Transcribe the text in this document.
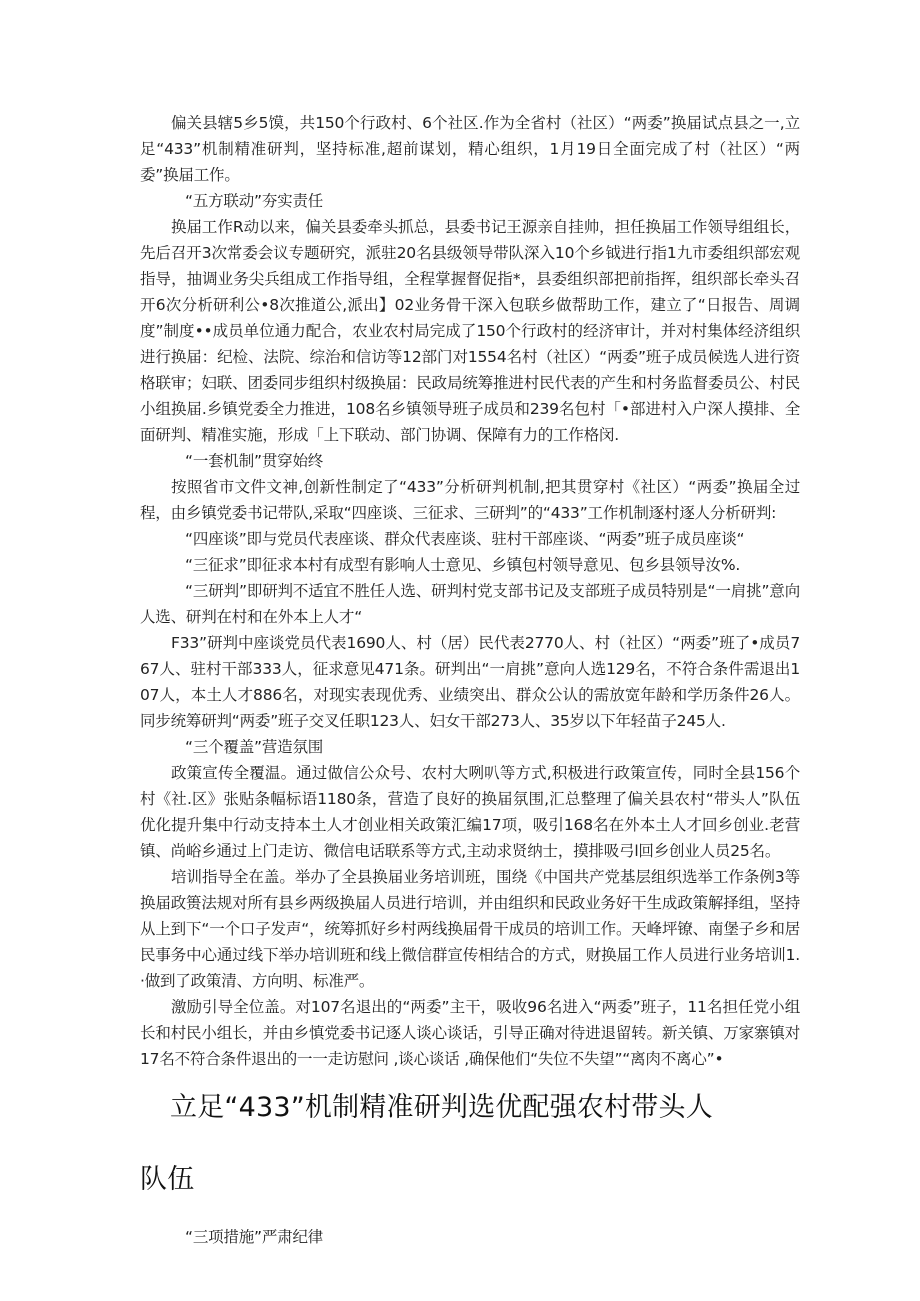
偏关县辖5乡5馍，共150个行政村、6个社区.作为全省村（社区）“两委”换届试点县之一,立足“433”机制精准研判，坚持标准,超前谋划，精心组织，1月19日全面完成了村（社区）“两委”换届工作。

“五方联动”夯实责任

换届工作R动以来，偏关县委牵头抓总，县委书记王源亲自挂帅，担任换届工作领导组组长，先后召开3次常委会议专题研究，派驻20名县级领导带队深入10个乡钺进行指1九市委组织部宏观指导，抽调业务尖兵组成工作指导组，全程掌握督促指*，县委组织部把前指挥，组织部长牵头召开6次分析研利公•8次推道公,派出】02业务骨干深入包联乡做帮助工作，建立了“日报告、周调度”制度••成员单位通力配合，农业农村局完成了150个行政村的经济审计，并对村集体经济组织进行换届：纪检、法院、综治和信访等12部门对1554名村（社区）“两委”班子成员候选人进行资格联审；妇联、团委同步组织村级换届：民政局统筹推进村民代表的产生和村务监督委员公、村民小组换届.乡镇党委全力推进，108名乡镇领导班子成员和239名包村「•部进村入户深人摸排、全面研判、精准实施，形成「上下联动、部门协调、保障有力的工作格闵.

“一套机制”贯穿始终

按照省市文件文神,创新性制定了“433”分析研判机制,把其贯穿村《社区）“两委”换届全过程，由乡镇党委书记带队,采取“四座谈、三征求、三研判”的“433”工作机制逐村逐人分析研判:

“四座谈”即与党员代表座谈、群众代表座谈、驻村干部座谈、“两委”班子成员座谈“

“三征求”即征求本村有成型有影响人士意见、乡镇包村领导意见、包乡县领导汝%.

“三研判”即研判不适宜不胜任人选、研判村党支部书记及支部班子成员特别是“一肩挑”意向人选、研判在村和在外本上人才“

F33”研判中座谈党员代表1690人、村（居）民代表2770人、村（社区）“两委”班了•成员767人、驻村干部333人，征求意见471条。研判出“一肩挑”意向人选129名，不符合条件需退出107人，本土人才886名，对现实表现优秀、业绩突出、群众公认的需放宽年龄和学历条件26人。同步统筹研判“两委”班子交叉任职123人、妇女干部273人、35岁以下年轻苗子245人.

“三个覆盖”营造氛围

政策宣传全覆温。通过做信公众号、农村大咧叭等方式,积极进行政策宣传，同时全县156个村《社.区》张贴条幅标语1180条，营造了良好的换届氛围,汇总整理了偏关县农村“带头人”队伍优化提升集中行动支持本土人才创业相关政策汇编17项，吸引168名在外本土人才回乡创业.老营镇、尚峪乡通过上门走访、微信电话联系等方式,主动求贤纳士，摸排吸弓l回乡创业人员25名。

培训指导全在盖。举办了全县换届业务培训班，围绕《中国共产党基层组织选举工作条例3等换届政篑法规对所有县乡两级换届人员进行培训，并由组织和民政业务好干生成政策解择组，坚持从上到下“一个口子发声“，统筹抓好乡村两线换届骨干成员的培训工作。天峰坪镣、南堡子乡和居民事务中心通过线下举办培训班和线上微信群宣传相结合的方式，财换届工作人员进行业务培训1.·做到了政策清、方向明、标准严。

激励引导全位盖。对107名退出的“两委”主干，吸收96名进入“两委”班子，11名担任党小组长和村民小组长，并由乡慎党委书记逐人谈心谈话，引导正确对待进退留转。新关镇、万家寨镇对17名不符合条件退出的一一走访慰问 ,谈心谈话 ,确保他们“失位不失望”“离肉不离心”•

立足“433”机制精准研判选优配强农村带头人
队伍

“三项措施”严肃纪律
